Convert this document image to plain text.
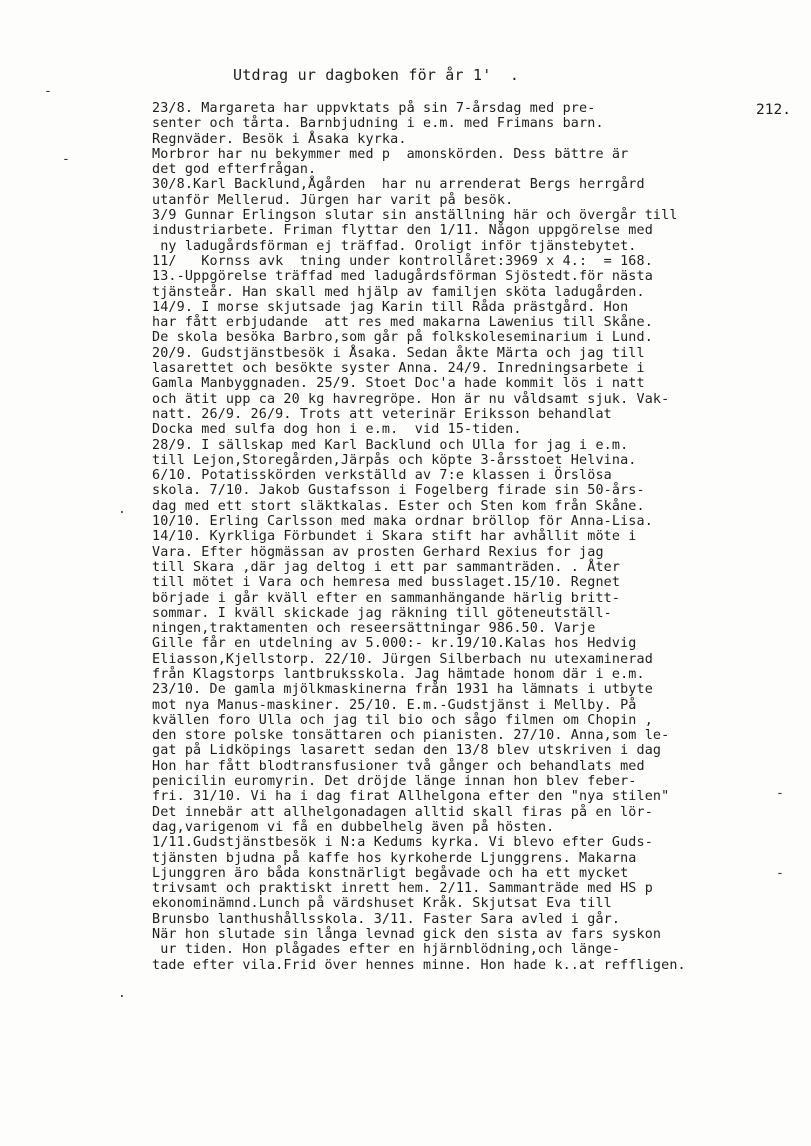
Utdrag ur dagboken för år 1'  .
212.
-
-
.
.
-
-
23/8. Margareta har uppvktats på sin 7-årsdag med pre-
senter och tårta. Barnbjudning i e.m. med Frimans barn.
Regnväder. Besök i Åsaka kyrka.
Morbror har nu bekymmer med p  amonskörden. Dess bättre är
det god efterfrågan.
30/8.Karl Backlund,Ågården  har nu arrenderat Bergs herrgård
utanför Mellerud. Jürgen har varit på besök.
3/9 Gunnar Erlingson slutar sin anställning här och övergår till
industriarbete. Friman flyttar den 1/11. Någon uppgörelse med
ny ladugårdsförman ej träffad. Oroligt inför tjänstebytet.
11/   Kornss avk  tning under kontrollåret:3969 x 4.:  = 168.
13.-Uppgörelse träffad med ladugårdsförman Sjöstedt.för nästa
tjänsteår. Han skall med hjälp av familjen sköta ladugården.
14/9. I morse skjutsade jag Karin till Råda prästgård. Hon
har fått erbjudande  att res med makarna Lawenius till Skåne.
De skola besöka Barbro,som går på folkskoleseminarium i Lund.
20/9. Gudstjänstbesök i Åsaka. Sedan åkte Märta och jag till
lasarettet och besökte syster Anna. 24/9. Inredningsarbete i
Gamla Manbyggnaden. 25/9. Stoet Doc'a hade kommit lös i natt
och ätit upp ca 20 kg havregröpe. Hon är nu våldsamt sjuk. Vak-
natt. 26/9. 26/9. Trots att veterinär Eriksson behandlat
Docka med sulfa dog hon i e.m.  vid 15-tiden.
28/9. I sällskap med Karl Backlund och Ulla for jag i e.m.
till Lejon,Storegården,Järpås och köpte 3-årsstoet Helvina.
6/10. Potatisskörden verkställd av 7:e klassen i Örslösa
skola. 7/10. Jakob Gustafsson i Fogelberg firade sin 50-års-
dag med ett stort släktkalas. Ester och Sten kom från Skåne.
10/10. Erling Carlsson med maka ordnar bröllop för Anna-Lisa.
14/10. Kyrkliga Förbundet i Skara stift har avhållit möte i
Vara. Efter högmässan av prosten Gerhard Rexius for jag
till Skara ,där jag deltog i ett par sammanträden. . Åter
till mötet i Vara och hemresa med busslaget.15/10. Regnet
började i går kväll efter en sammanhängande härlig britt-
sommar. I kväll skickade jag räkning till göteneutställ-
ningen,traktamenten och reseersättningar 986.50. Varje
Gille får en utdelning av 5.000:- kr.19/10.Kalas hos Hedvig
Eliasson,Kjellstorp. 22/10. Jürgen Silberbach nu utexaminerad
från Klagstorps lantbruksskola. Jag hämtade honom där i e.m.
23/10. De gamla mjölkmaskinerna från 1931 ha lämnats i utbyte
mot nya Manus-maskiner. 25/10. E.m.-Gudstjänst i Mellby. På
kvällen foro Ulla och jag til bio och sågo filmen om Chopin ,
den store polske tonsättaren och pianisten. 27/10. Anna,som le-
gat på Lidköpings lasarett sedan den 13/8 blev utskriven i dag
Hon har fått blodtransfusioner två gånger och behandlats med
penicilin euromyrin. Det dröjde länge innan hon blev feber-
fri. 31/10. Vi ha i dag firat Allhelgona efter den "nya stilen"
Det innebär att allhelgonadagen alltid skall firas på en lör-
dag,varigenom vi få en dubbelhelg även på hösten.
1/11.Gudstjänstbesök i N:a Kedums kyrka. Vi blevo efter Guds-
tjänsten bjudna på kaffe hos kyrkoherde Ljunggrens. Makarna
Ljunggren äro båda konstnärligt begåvade och ha ett mycket
trivsamt och praktiskt inrett hem. 2/11. Sammanträde med HS p
ekonominämnd.Lunch på värdshuset Kråk. Skjutsat Eva till
Brunsbo lanthushållsskola. 3/11. Faster Sara avled i går.
När hon slutade sin långa levnad gick den sista av fars syskon
ur tiden. Hon plågades efter en hjärnblödning,och länge-
tade efter vila.Frid över hennes minne. Hon hade k..at reffligen.
